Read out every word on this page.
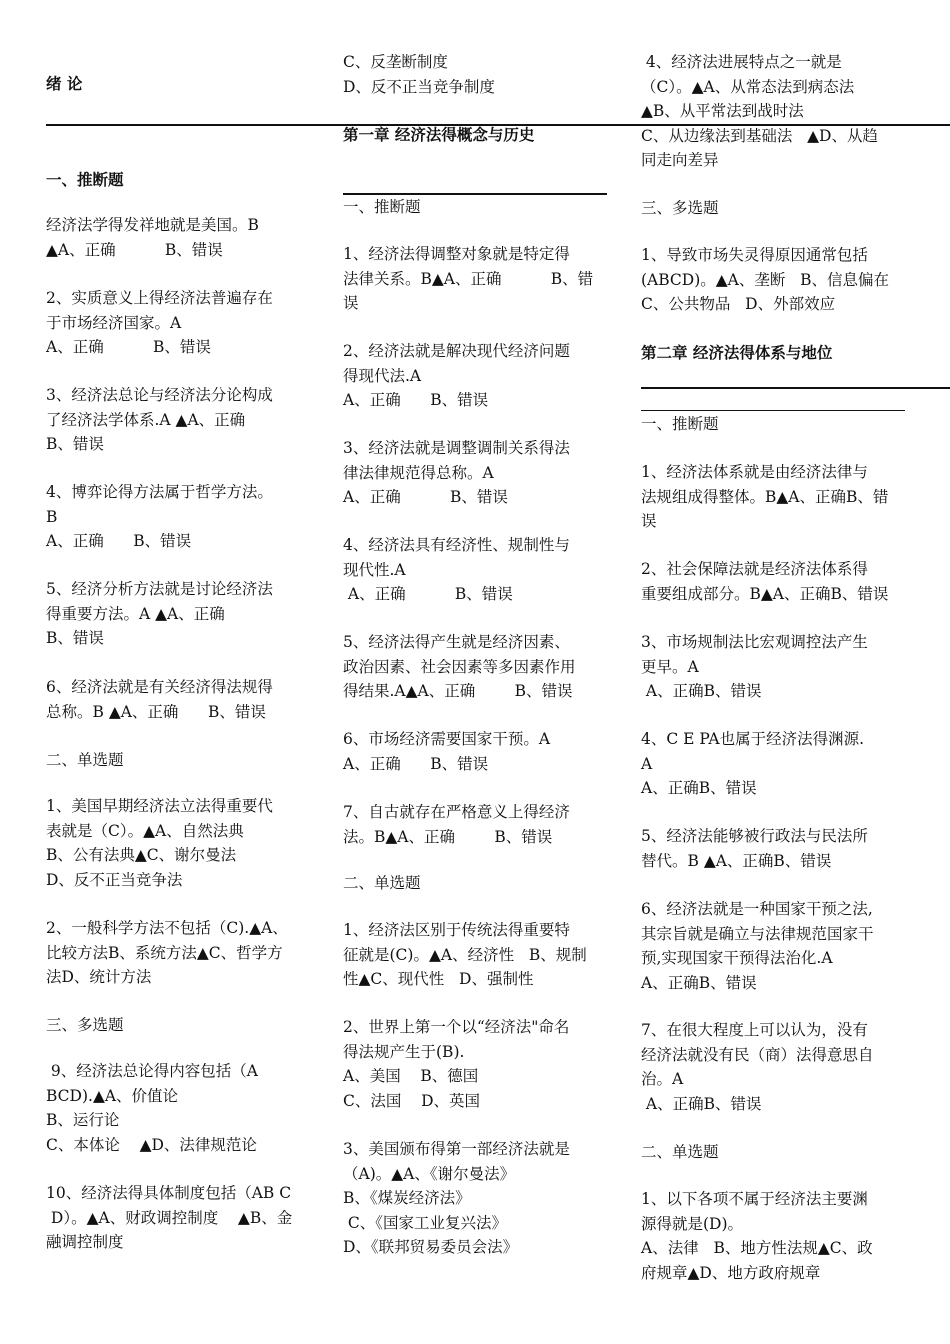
绪 论
一、推断题
经济法学得发祥地就是美国。B
▲A、正确          B、错误
2、实质意义上得经济法普遍存在
于市场经济国家。A
A、正确          B、错误
3、经济法总论与经济法分论构成
了经济法学体系.A ▲A、正确
B、错误
4、博弈论得方法属于哲学方法。
B
A、正确      B、错误
5、经济分析方法就是讨论经济法
得重要方法。A ▲A、正确
B、错误
6、经济法就是有关经济得法规得
总称。B ▲A、正确      B、错误
二、单选题
1、美国早期经济法立法得重要代
表就是（C）。▲A、自然法典
B、公有法典▲C、谢尔曼法
D、反不正当竞争法
2、一般科学方法不包括（C).▲A、
比较方法B、系统方法▲C、哲学方
法D、统计方法
三、多选题
9、经济法总论得内容包括（A
BCD).▲A、价值论
B、运行论
C、本体论    ▲D、法律规范论
10、经济法得具体制度包括（AB C
D）。▲A、财政调控制度    ▲B、金
融调控制度
C、反垄断制度
D、反不正当竞争制度
第一章 经济法得概念与历史
一、推断题
1、经济法得调整对象就是特定得
法律关系。B▲A、正确          B、错
误
2、经济法就是解决现代经济问题
得现代法.A
A、正确      B、错误
3、经济法就是调整调制关系得法
律法律规范得总称。A
A、正确          B、错误
4、经济法具有经济性、规制性与
现代性.A
A、正确          B、错误
5、经济法得产生就是经济因素、
政治因素、社会因素等多因素作用
得结果.A▲A、正确        B、错误
6、市场经济需要国家干预。A
A、正确      B、错误
7、自古就存在严格意义上得经济
法。B▲A、正确        B、错误
二、单选题
1、经济法区别于传统法得重要特
征就是(C)。▲A、经济性   B、规制
性▲C、现代性   D、强制性
2、世界上第一个以“经济法"命名
得法规产生于(B).
A、美国    B、德国
C、法国    D、英国
3、美国颁布得第一部经济法就是
（A)。▲A、《谢尔曼法》
B、《煤炭经济法》
C、《国家工业复兴法》
D、《联邦贸易委员会法》
4、经济法进展特点之一就是
（C）。▲A、从常态法到病态法
▲B、从平常法到战时法
C、从边缘法到基础法   ▲D、从趋
同走向差异
三、多选题
1、导致市场失灵得原因通常包括
(ABCD)。▲A、垄断   B、信息偏在
C、公共物品   D、外部效应
第二章 经济法得体系与地位
一、推断题
1、经济法体系就是由经济法律与
法规组成得整体。B▲A、正确B、错
误
2、社会保障法就是经济法体系得
重要组成部分。B▲A、正确B、错误
3、市场规制法比宏观调控法产生
更早。A
A、正确B、错误
4、C E PA也属于经济法得渊源.
A
A、正确B、错误
5、经济法能够被行政法与民法所
替代。B ▲A、正确B、错误
6、经济法就是一种国家干预之法,
其宗旨就是确立与法律规范国家干
预,实现国家干预得法治化.A
A、正确B、错误
7、在很大程度上可以认为，没有
经济法就没有民（商）法得意思自
治。A
A、正确B、错误
二、单选题
1、以下各项不属于经济法主要渊
源得就是(D)。
A、法律   B、地方性法规▲C、政
府规章▲D、地方政府规章
